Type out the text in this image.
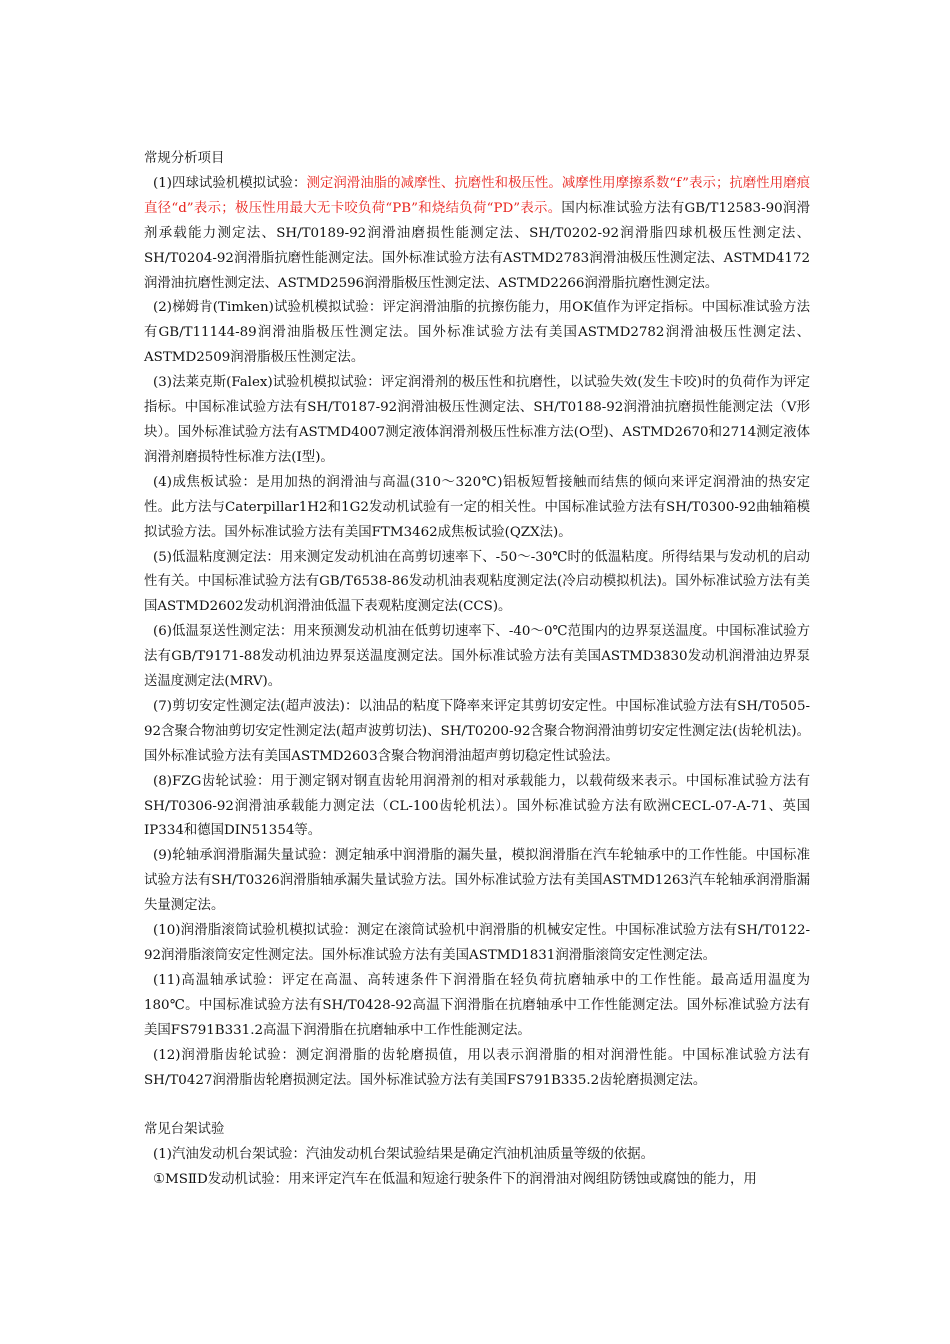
常规分析项目

(1)四球试验机模拟试验：测定润滑油脂的减摩性、抗磨性和极压性。减摩性用摩擦系数“f”表示；抗磨性用磨痕直径“d”表示；极压性用最大无卡咬负荷“PB”和烧结负荷“PD”表示。国内标准试验方法有GB/T12583-90润滑剂承载能力测定法、SH/T0189-92润滑油磨损性能测定法、SH/T0202-92润滑脂四球机极压性测定法、SH/T0204-92润滑脂抗磨性能测定法。国外标准试验方法有ASTMD2783润滑油极压性测定法、ASTMD4172润滑油抗磨性测定法、ASTMD2596润滑脂极压性测定法、ASTMD2266润滑脂抗磨性测定法。

(2)梯姆肯(Timken)试验机模拟试验：评定润滑油脂的抗擦伤能力，用OK值作为评定指标。中国标准试验方法有GB/T11144-89润滑油脂极压性测定法。国外标准试验方法有美国ASTMD2782润滑油极压性测定法、ASTMD2509润滑脂极压性测定法。

(3)法莱克斯(Falex)试验机模拟试验：评定润滑剂的极压性和抗磨性，以试验失效(发生卡咬)时的负荷作为评定指标。中国标准试验方法有SH/T0187-92润滑油极压性测定法、SH/T0188-92润滑油抗磨损性能测定法（V形块）。国外标准试验方法有ASTMD4007测定液体润滑剂极压性标准方法(O型)、ASTMD2670和2714测定液体润滑剂磨损特性标准方法(I型)。

(4)成焦板试验：是用加热的润滑油与高温(310～320℃)铝板短暂接触而结焦的倾向来评定润滑油的热安定性。此方法与Caterpillar1H2和1G2发动机试验有一定的相关性。中国标准试验方法有SH/T0300-92曲轴箱模拟试验方法。国外标准试验方法有美国FTM3462成焦板试验(QZX法)。

(5)低温粘度测定法：用来测定发动机油在高剪切速率下、-50～-30℃时的低温粘度。所得结果与发动机的启动性有关。中国标准试验方法有GB/T6538-86发动机油表观粘度测定法(冷启动模拟机法)。国外标准试验方法有美国ASTMD2602发动机润滑油低温下表观粘度测定法(CCS)。

(6)低温泵送性测定法：用来预测发动机油在低剪切速率下、-40～0℃范围内的边界泵送温度。中国标准试验方法有GB/T9171-88发动机油边界泵送温度测定法。国外标准试验方法有美国ASTMD3830发动机润滑油边界泵送温度测定法(MRV)。

(7)剪切安定性测定法(超声波法)：以油品的粘度下降率来评定其剪切安定性。中国标准试验方法有SH/T0505-92含聚合物油剪切安定性测定法(超声波剪切法)、SH/T0200-92含聚合物润滑油剪切安定性测定法(齿轮机法)。国外标准试验方法有美国ASTMD2603含聚合物润滑油超声剪切稳定性试验法。

(8)FZG齿轮试验：用于测定钢对钢直齿轮用润滑剂的相对承载能力，以载荷级来表示。中国标准试验方法有SH/T0306-92润滑油承载能力测定法（CL-100齿轮机法）。国外标准试验方法有欧洲CECL-07-A-71、英国IP334和德国DIN51354等。

(9)轮轴承润滑脂漏失量试验：测定轴承中润滑脂的漏失量，模拟润滑脂在汽车轮轴承中的工作性能。中国标准试验方法有SH/T0326润滑脂轴承漏失量试验方法。国外标准试验方法有美国ASTMD1263汽车轮轴承润滑脂漏失量测定法。

(10)润滑脂滚筒试验机模拟试验：测定在滚筒试验机中润滑脂的机械安定性。中国标准试验方法有SH/T0122-92润滑脂滚筒安定性测定法。国外标准试验方法有美国ASTMD1831润滑脂滚筒安定性测定法。

(11)高温轴承试验：评定在高温、高转速条件下润滑脂在轻负荷抗磨轴承中的工作性能。最高适用温度为180℃。中国标准试验方法有SH/T0428-92高温下润滑脂在抗磨轴承中工作性能测定法。国外标准试验方法有美国FS791B331.2高温下润滑脂在抗磨轴承中工作性能测定法。

(12)润滑脂齿轮试验：测定润滑脂的齿轮磨损值，用以表示润滑脂的相对润滑性能。中国标准试验方法有SH/T0427润滑脂齿轮磨损测定法。国外标准试验方法有美国FS791B335.2齿轮磨损测定法。

常见台架试验

(1)汽油发动机台架试验：汽油发动机台架试验结果是确定汽油机油质量等级的依据。

①MSⅡD发动机试验：用来评定汽车在低温和短途行驶条件下的润滑油对阀组防锈蚀或腐蚀的能力，用
